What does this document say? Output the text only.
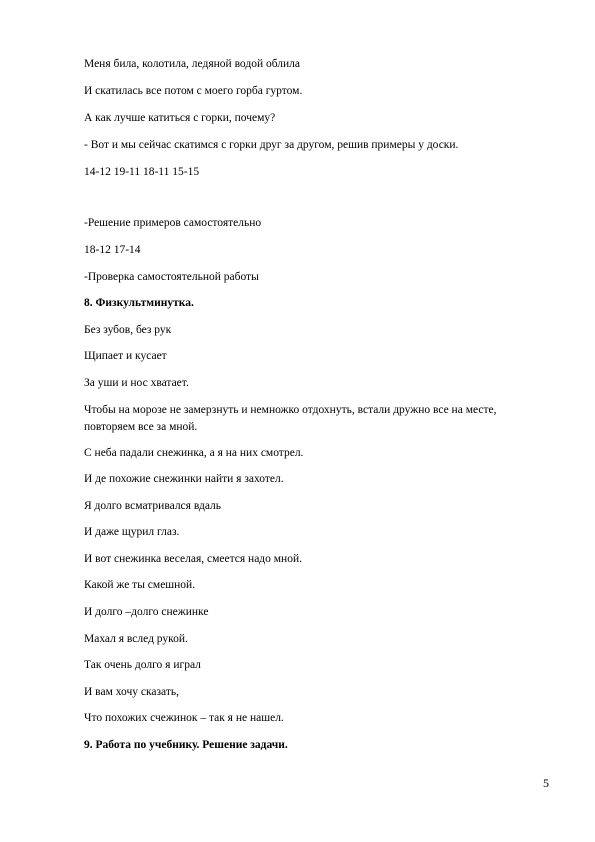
Меня била, колотила, ледяной водой облила
И скатилась все потом с моего горба гуртом.
А как лучше катиться с горки, почему?
- Вот и мы сейчас скатимся с горки друг за другом, решив примеры у доски.
14-12 19-11 18-11 15-15
-Решение примеров самостоятельно
18-12 17-14
-Проверка самостоятельной работы
8. Физкультминутка.
Без зубов, без рук
Щипает и кусает
За уши и нос хватает.
Чтобы на морозе не замерзнуть и немножко отдохнуть, встали дружно все на месте, повторяем все за мной.
С неба падали снежинка, а я на них смотрел.
И де похожие снежинки найти я захотел.
Я долго всматривался вдаль
И даже щурил глаз.
И вот снежинка веселая, смеется надо мной.
Какой же ты смешной.
И долго –долго снежинке
Махал я вслед рукой.
Так очень долго я играл
И вам хочу сказать,
Что похожих счежинок – так я не нашел.
9. Работа по учебнику. Решение задачи.
5
